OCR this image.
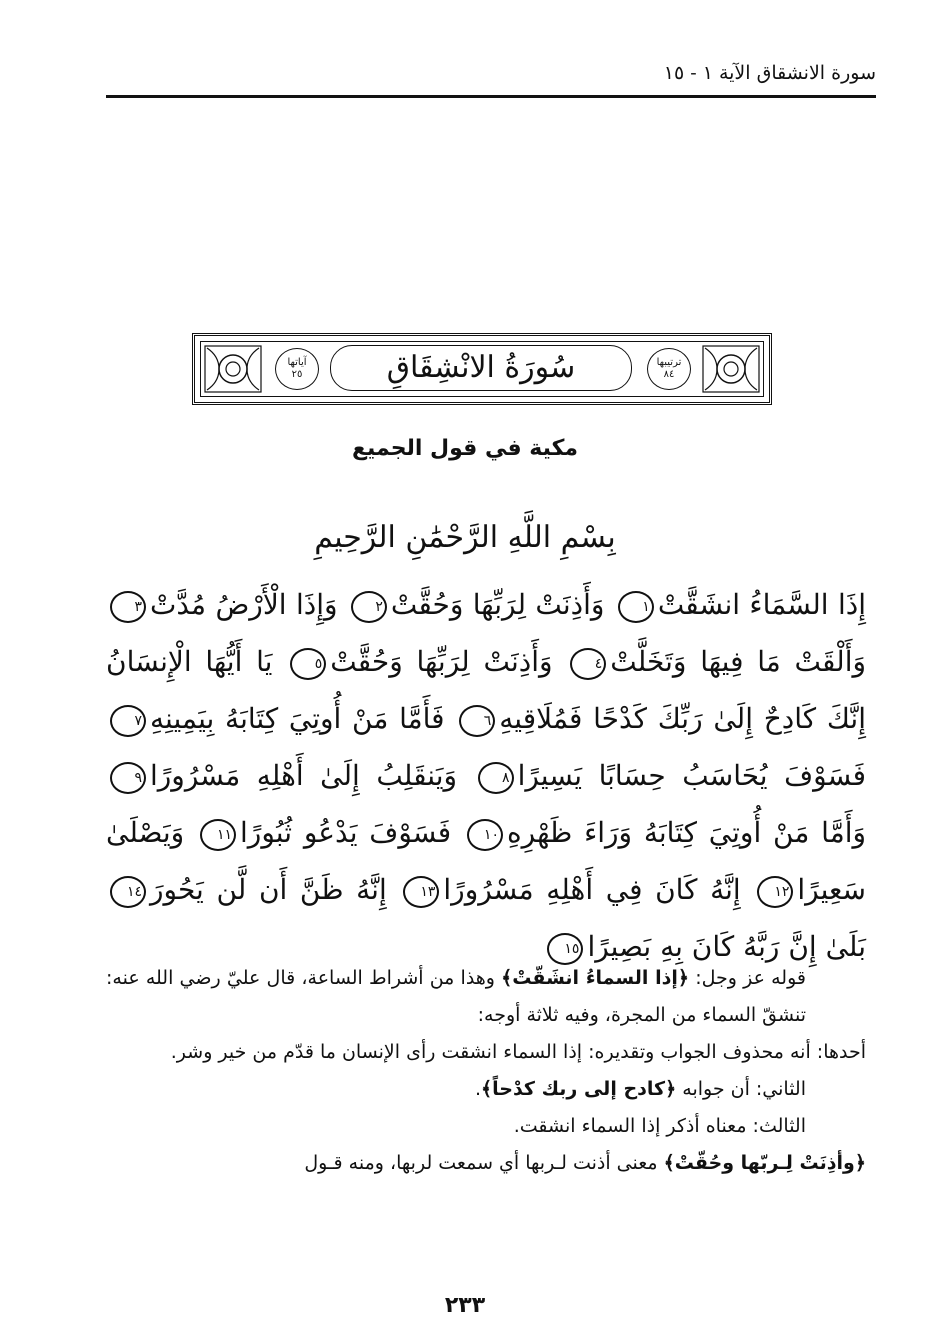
سورة الانشقاق الآية ١ - ١٥
آياتها
٢٥	سُورَةُ الانْشِقَاقِ	ترتيبها
٨٤
مكية في قول الجميع
بِسْمِ اللَّهِ الرَّحْمَٰنِ الرَّحِيمِ
إِذَا السَّمَاءُ انشَقَّتْ١ وَأَذِنَتْ لِرَبِّهَا وَحُقَّتْ٢ وَإِذَا الْأَرْضُ مُدَّتْ٣ وَأَلْقَتْ مَا فِيهَا وَتَخَلَّتْ٤ وَأَذِنَتْ لِرَبِّهَا وَحُقَّتْ٥ يَا أَيُّهَا الْإِنسَانُ إِنَّكَ كَادِحٌ إِلَىٰ رَبِّكَ كَدْحًا فَمُلَاقِيهِ٦ فَأَمَّا مَنْ أُوتِيَ كِتَابَهُ بِيَمِينِهِ٧ فَسَوْفَ يُحَاسَبُ حِسَابًا يَسِيرًا٨ وَيَنقَلِبُ إِلَىٰ أَهْلِهِ مَسْرُورًا٩ وَأَمَّا مَنْ أُوتِيَ كِتَابَهُ وَرَاءَ ظَهْرِهِ١٠ فَسَوْفَ يَدْعُو ثُبُورًا١١ وَيَصْلَىٰ سَعِيرًا١٢ إِنَّهُ كَانَ فِي أَهْلِهِ مَسْرُورًا١٣ إِنَّهُ ظَنَّ أَن لَّن يَحُورَ١٤ بَلَىٰ إِنَّ رَبَّهُ كَانَ بِهِ بَصِيرًا١٥

قوله عز وجل: ﴿إذا السماءُ انشَقّتْ﴾ وهذا من أشراط الساعة، قال عليّ رضي الله عنه: تنشقّ السماء من المجرة، وفيه ثلاثة أوجه:

أحدها: أنه محذوف الجواب وتقديره: إذا السماء انشقت رأى الإنسان ما قدّم من خير وشر.

الثاني: أن جوابه ﴿كادح إلى ربك كدْحاً﴾.

الثالث: معناه أذكر إذا السماء انشقت.

﴿وأذِنَتْ لِـربّها وحُقّتْ﴾ معنى أذنت لـربها أي سمعت لربها، ومنه قـول

٢٣٣
